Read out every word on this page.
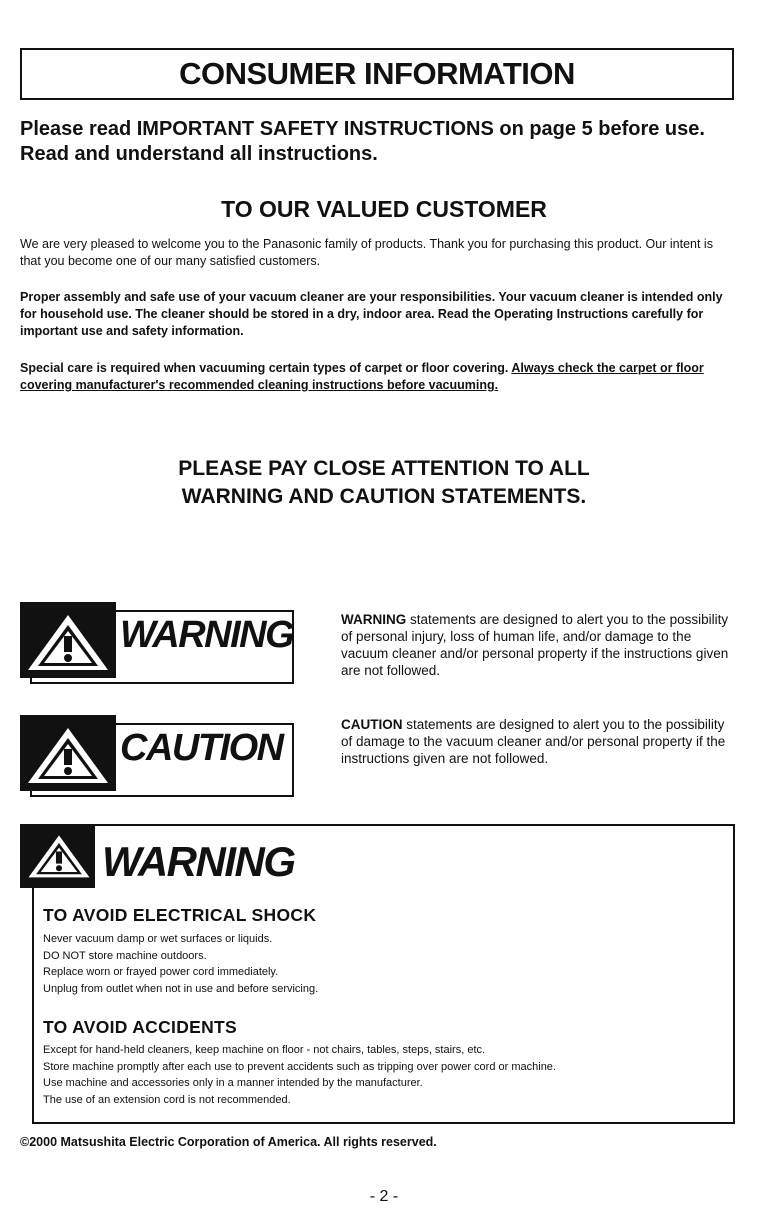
CONSUMER INFORMATION
Please read IMPORTANT SAFETY INSTRUCTIONS on page 5 before use. Read and understand all instructions.
TO OUR VALUED CUSTOMER
We are very pleased to welcome you to the Panasonic family of products. Thank you for purchasing this product. Our intent is that you become one of our many satisfied customers.
Proper assembly and safe use of your vacuum cleaner are your responsibilities. Your vacuum cleaner is intended only for household use. The cleaner should be stored in a dry, indoor area. Read the Operating Instructions carefully for important use and safety information.
Special care is required when vacuuming certain types of carpet or floor covering. Always check the carpet or floor covering manufacturer's recommended cleaning instructions before vacuuming.
PLEASE PAY CLOSE ATTENTION TO ALL
WARNING AND CAUTION STATEMENTS.
WARNING	WARNING statements are designed to alert you to the possibility of personal injury, loss of human life, and/or damage to the vacuum cleaner and/or personal property if the instructions given are not followed.
CAUTION
CAUTION statements are designed to alert you to the possibility of damage to the vacuum cleaner and/or personal property if the instructions given are not followed.
WARNING
TO AVOID ELECTRICAL SHOCK
Never vacuum damp or wet surfaces or liquids.
DO NOT store machine outdoors.
Replace worn or frayed power cord immediately.
Unplug from outlet when not in use and before servicing.
TO AVOID ACCIDENTS
Except for hand-held cleaners, keep machine on floor - not chairs, tables, steps, stairs, etc.
Store machine promptly after each use to prevent accidents such as tripping over power cord or machine.
Use machine and accessories only in a manner intended by the manufacturer.
The use of an extension cord is not recommended.
©2000 Matsushita Electric Corporation of America. All rights reserved.
- 2 -
